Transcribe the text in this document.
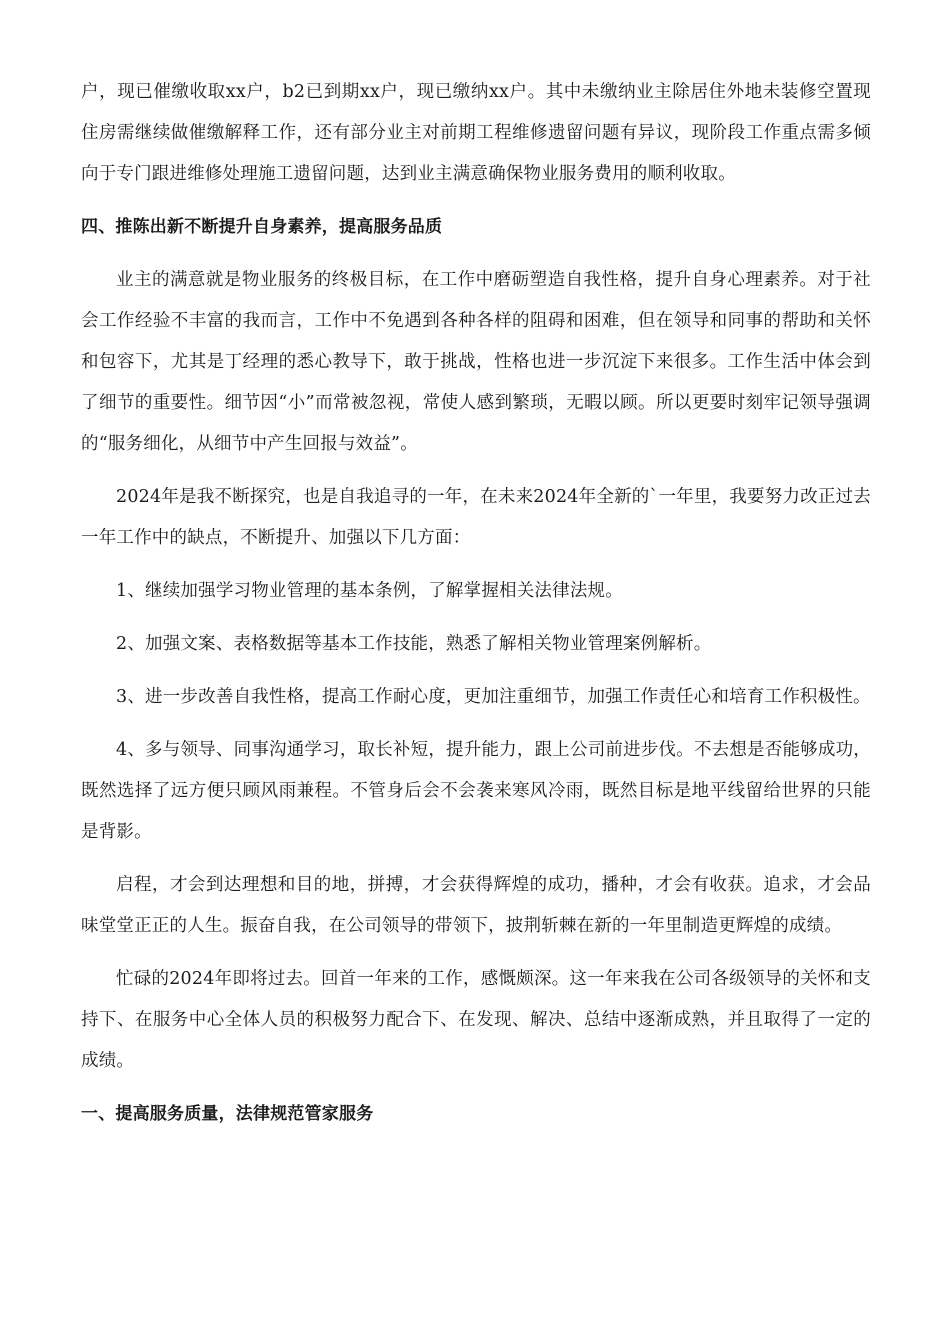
户，现已催缴收取xx户，b2已到期xx户，现已缴纳xx户。其中未缴纳业主除居住外地未装修空置现住房需继续做催缴解释工作，还有部分业主对前期工程维修遗留问题有异议，现阶段工作重点需多倾向于专门跟进维修处理施工遗留问题，达到业主满意确保物业服务费用的顺利收取。

四、推陈出新不断提升自身素养，提高服务品质

业主的满意就是物业服务的终极目标，在工作中磨砺塑造自我性格，提升自身心理素养。对于社会工作经验不丰富的我而言，工作中不免遇到各种各样的阻碍和困难，但在领导和同事的帮助和关怀和包容下，尤其是丁经理的悉心教导下，敢于挑战，性格也进一步沉淀下来很多。工作生活中体会到了细节的重要性。细节因“小”而常被忽视，常使人感到繁琐，无暇以顾。所以更要时刻牢记领导强调的“服务细化，从细节中产生回报与效益”。

2024年是我不断探究，也是自我追寻的一年，在未来2024年全新的`一年里，我要努力改正过去一年工作中的缺点，不断提升、加强以下几方面：

1、继续加强学习物业管理的基本条例，了解掌握相关法律法规。

2、加强文案、表格数据等基本工作技能，熟悉了解相关物业管理案例解析。

3、进一步改善自我性格，提高工作耐心度，更加注重细节，加强工作责任心和培育工作积极性。

4、多与领导、同事沟通学习，取长补短，提升能力，跟上公司前进步伐。不去想是否能够成功，既然选择了远方便只顾风雨兼程。不管身后会不会袭来寒风冷雨，既然目标是地平线留给世界的只能是背影。

启程，才会到达理想和目的地，拼搏，才会获得辉煌的成功，播种，才会有收获。追求，才会品味堂堂正正的人生。振奋自我，在公司领导的带领下，披荆斩棘在新的一年里制造更辉煌的成绩。

忙碌的2024年即将过去。回首一年来的工作，感慨颇深。这一年来我在公司各级领导的关怀和支持下、在服务中心全体人员的积极努力配合下、在发现、解决、总结中逐渐成熟，并且取得了一定的成绩。

一、提高服务质量，法律规范管家服务
